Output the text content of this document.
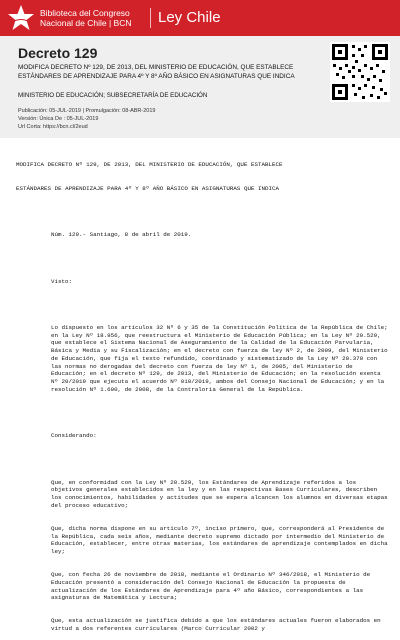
Biblioteca del Congreso
Nacional de Chile | BCN Ley Chile
Decreto 129
MODIFICA DECRETO Nº 129, DE 2013, DEL MINISTERIO DE EDUCACIÓN, QUE ESTABLECE ESTÁNDARES DE APRENDIZAJE PARA 4º Y 8º AÑO BÁSICO EN ASIGNATURAS QUE INDICA
MINISTERIO DE EDUCACIÓN; SUBSECRETARÍA DE EDUCACIÓN
Publicación: 05-JUL-2019 | Promulgación: 08-ABR-2019
Versión: Única De : 05-JUL-2019
Url Corta: https://bcn.cl/2eud

MODIFICA DECRETO Nº 129, DE 2013, DEL MINISTERIO DE EDUCACIÓN, QUE ESTABLECE

ESTÁNDARES DE APRENDIZAJE PARA 4º Y 8º AÑO BÁSICO EN ASIGNATURAS QUE INDICA

Núm. 129.- Santiago, 8 de abril de 2019.

Visto:

Lo dispuesto en los artículos 32 Nº 6 y 35 de la Constitución Política de la República de Chile; en la Ley Nº 18.956, que reestructura el Ministerio de Educación Pública; en la Ley Nº 20.529, que establece el Sistema Nacional de Aseguramiento de la Calidad de la Educación Parvularia, Básica y Media y su Fiscalización; en el decreto con fuerza de ley Nº 2, de 2009, del Ministerio de Educación, que fija el texto refundido, coordinado y sistematizado de la Ley Nº 20.370 con las normas no derogadas del decreto con fuerza de ley Nº 1, de 2005, del Ministerio de Educación; en el decreto Nº 129, de 2013, del Ministerio de Educación; en la resolución exenta Nº 20/2019 que ejecuta el acuerdo Nº 010/2019, ambos del Consejo Nacional de Educación; y en la resolución Nº 1.600, de 2008, de la Contraloría General de la República.

Considerando:

Que, en conformidad con la Ley Nº 20.529, los Estándares de Aprendizaje referidos a los objetivos generales establecidos en la ley y en las respectivas Bases Curriculares, describen los conocimientos, habilidades y actitudes que se espera alcancen los alumnos en diversas etapas del proceso educativo;

Que, dicha norma dispone en su artículo 7º, inciso primero, que, corresponderá al Presidente de la República, cada seis años, mediante decreto supremo dictado por intermedio del Ministerio de Educación, establecer, entre otras materias, los estándares de aprendizaje contemplados en dicha ley;

Que, con fecha 26 de noviembre de 2018, mediante el Ordinario Nº 346/2018, el Ministerio de Educación presentó a consideración del Consejo Nacional de Educación la propuesta de actualización de los Estándares de Aprendizaje para 4º año Básico, correspondientes a las asignaturas de Matemática y Lectura;

Que, esta actualización se justifica debido a que los estándares actuales fueron elaborados en virtud a dos referentes curriculares (Marco Curricular 2002 y
